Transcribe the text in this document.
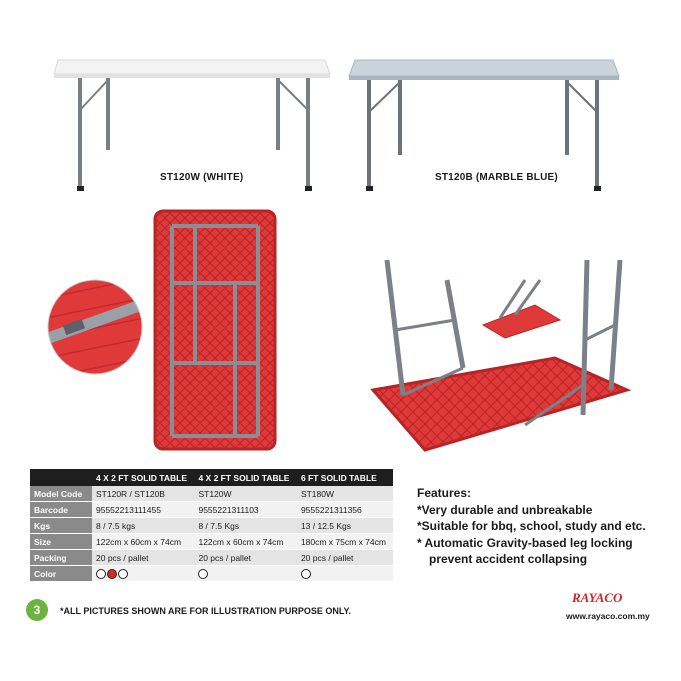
ST120W (WHITE)	ST120B (MARBLE BLUE)
	4 X 2 FT SOLID TABLE	4 X 2 FT SOLID TABLE	6 FT SOLID TABLE
Model Code	ST120R / ST120B	ST120W	ST180W
Barcode	95552213111455	9555221311103	9555221311356
Kgs	8 / 7.5 kgs	8 / 7.5 Kgs	13 / 12.5 Kgs
Size	122cm x 60cm x 74cm	122cm x 60cm x 74cm	180cm x 75cm x 74cm
Packing	20 pcs / pallet	20 pcs / pallet	20 pcs / pallet
Color			
Features:
*Very durable and unbreakable
*Suitable for bbq, school, study and etc.
* Automatic Gravity-based leg locking
prevent accident collapsing
3	*ALL PICTURES SHOWN ARE FOR ILLUSTRATION PURPOSE ONLY.
RAYACO
www.rayaco.com.my
